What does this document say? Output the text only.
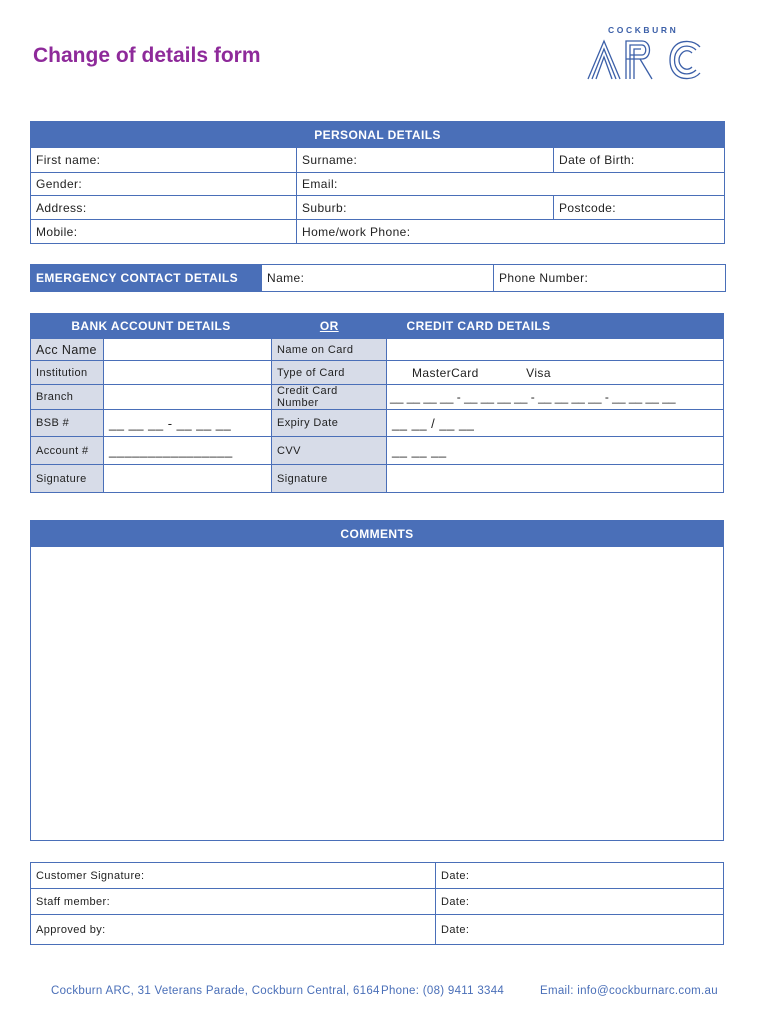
Change of details form
COCKBURN
PERSONAL DETAILS		
First name:	Surname:	Date of Birth:
Gender:	Email:	
Address:	Suburb:	Postcode:
Mobile:	Home/work Phone:	
EMERGENCY CONTACT DETAILS	Name:	Phone Number:
BANK ACCOUNT DETAILS		OR	CREDIT CARD DETAILS
Acc Name		Name on Card	
Institution		Type of Card	MasterCard Visa
Branch		Credit Card Number	__ __ __ __ - __ __ __ __ - __ __ __ __ - __ __ __ __
BSB #	__ __ __ - __ __ __	Expiry Date	__ __ / __ __
Account #	________________	CVV	__ __ __
Signature		Signature	
COMMENTS

Customer Signature:	Date:
Staff member:	Date:
Approved by:	Date:
Cockburn ARC, 31 Veterans Parade, Cockburn Central, 6164 Phone: (08) 9411 3344	Email: info@cockburnarc.com.au
